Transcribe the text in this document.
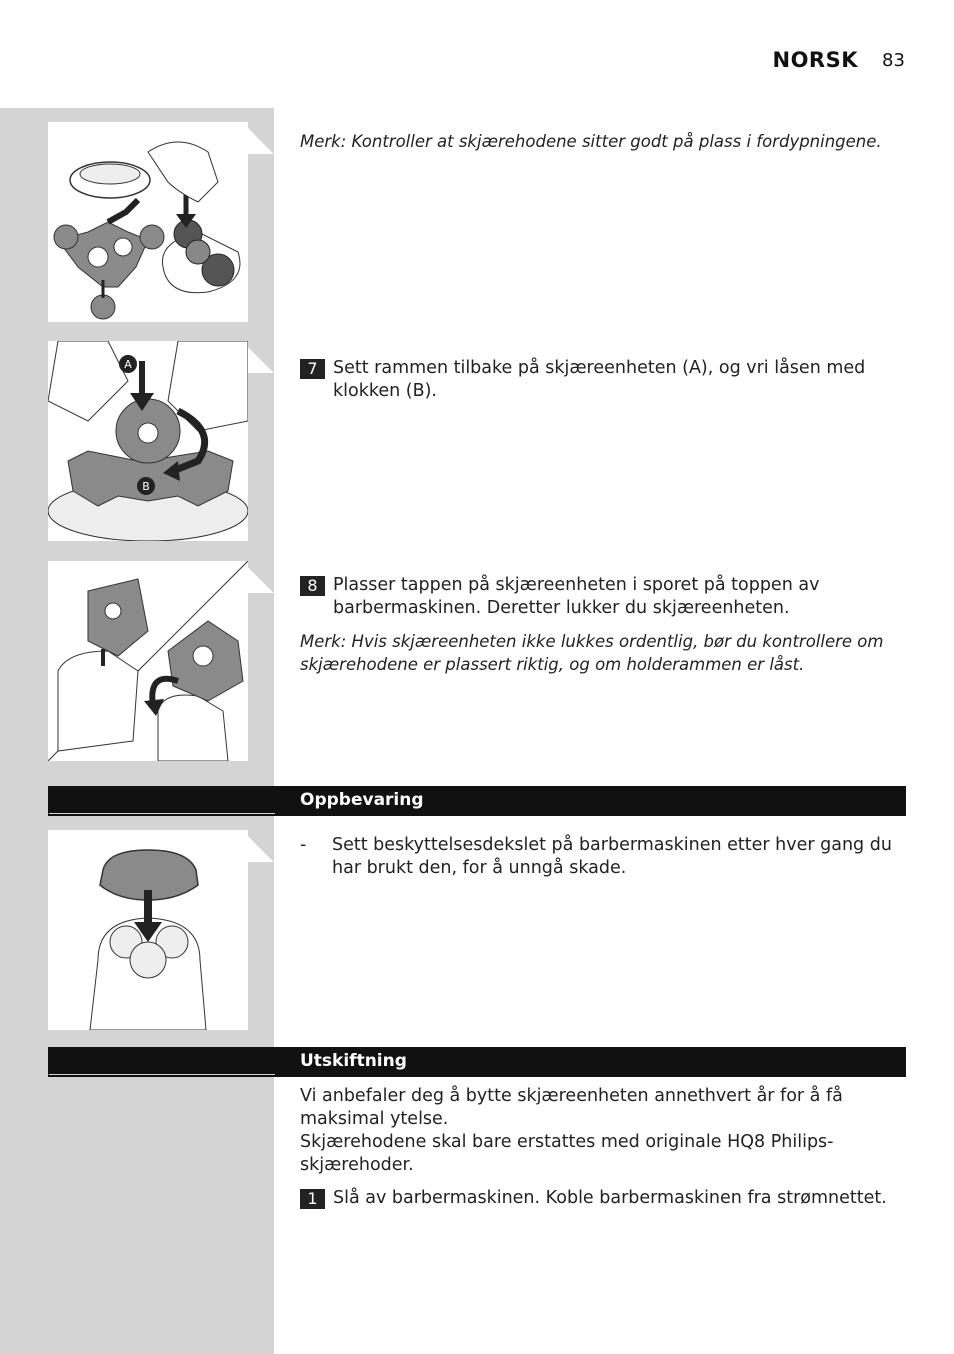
NORSK 83
Merk: Kontroller at skjærehodene sitter godt på plass i fordypningene.
A
B
7 Sett rammen tilbake på skjæreenheten (A), og vri låsen med klokken (B).
8 Plasser tappen på skjæreenheten i sporet på toppen av barbermaskinen. Deretter lukker du skjæreenheten.
Merk: Hvis skjæreenheten ikke lukkes ordentlig, bør du kontrollere om skjærehodene er plassert riktig, og om holderammen er låst.
Oppbevaring
-	Sett beskyttelsesdekslet på barbermaskinen etter hver gang du har brukt den, for å unngå skade.
Utskiftning
Vi anbefaler deg å bytte skjæreenheten annethvert år for å få maksimal ytelse.
Skjærehodene skal bare erstattes med originale HQ8 Philips-skjærehoder.
1 Slå av barbermaskinen. Koble barbermaskinen fra strømnettet.
